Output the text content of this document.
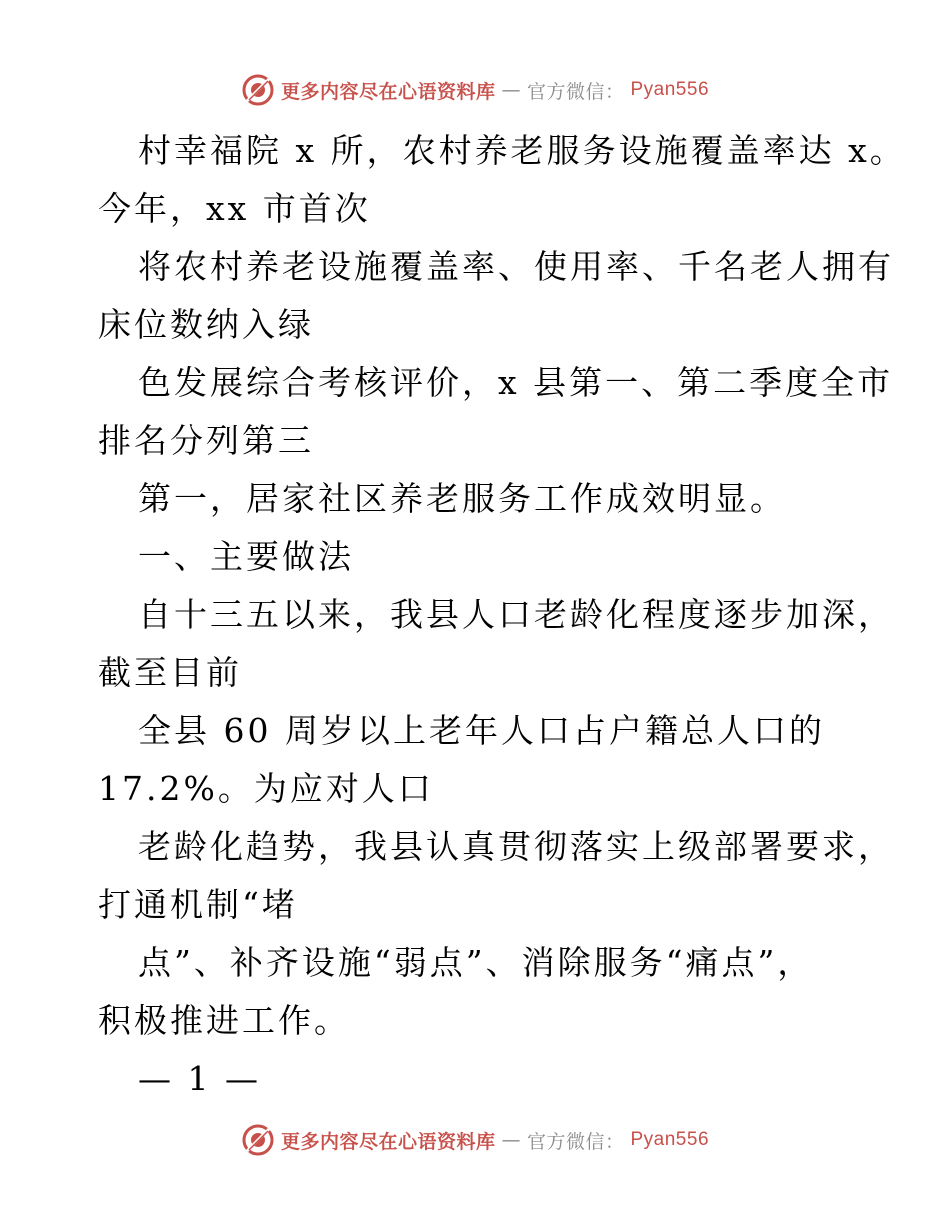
更多内容尽在心语资料库 — 官方微信： Pyan556
村幸福院 x 所，农村养老服务设施覆盖率达 x。
今年，xx 市首次
将农村养老设施覆盖率、使用率、千名老人拥有
床位数纳入绿
色发展综合考核评价，x 县第一、第二季度全市
排名分列第三
第一，居家社区养老服务工作成效明显。
一、主要做法
自十三五以来，我县人口老龄化程度逐步加深，
截至目前
全县 60 周岁以上老年人口占户籍总人口的
17.2%。为应对人口
老龄化趋势，我县认真贯彻落实上级部署要求，
打通机制“堵
点”、补齐设施“弱点”、消除服务“痛点”，
积极推进工作。
— 1 —
更多内容尽在心语资料库 — 官方微信： Pyan556
